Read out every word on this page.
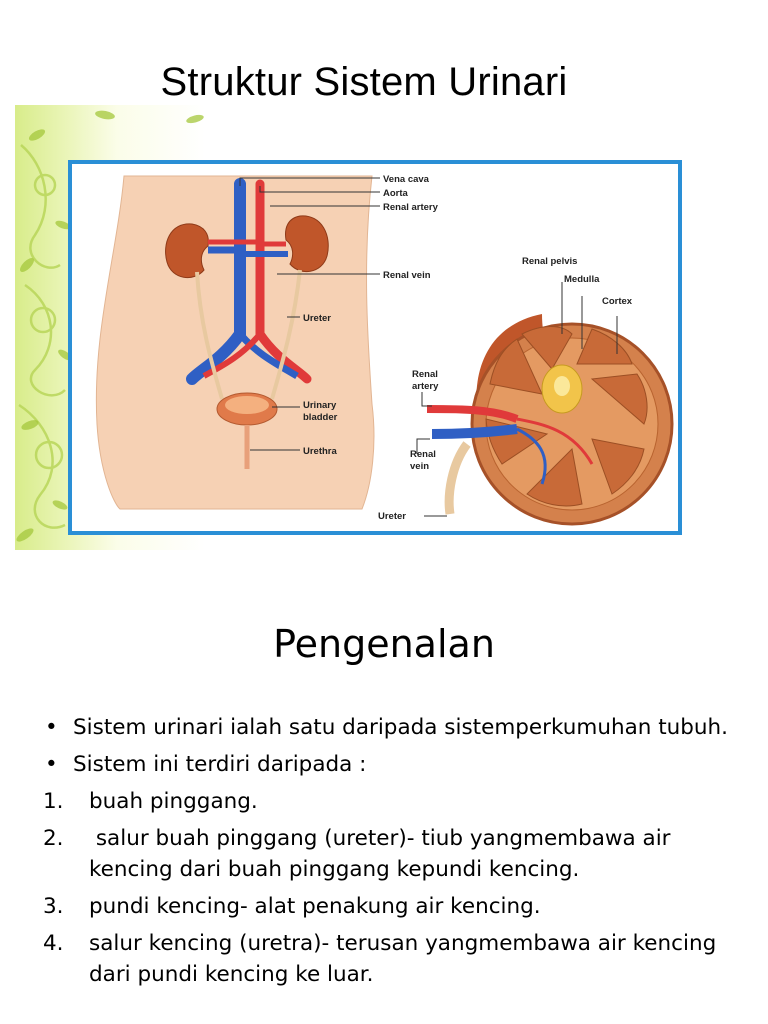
Struktur Sistem Urinari
Vena cava
Aorta
Renal artery
Renal vein
Ureter
Urinary
bladder
Urethra
Renal pelvis
Medulla
Cortex
Renal
artery
Renal
vein
Ureter
Pengenalan
• Sistem urinari ialah satu daripada sistemperkumuhan tubuh.
• Sistem ini terdiri daripada :
1.	buah pinggang.
2.	salur buah pinggang (ureter)- tiub yangmembawa air kencing dari buah pinggang kepundi kencing.
3.	pundi kencing- alat penakung air kencing.
4.	salur kencing (uretra)- terusan yangmembawa air kencing dari pundi kencing ke luar.
